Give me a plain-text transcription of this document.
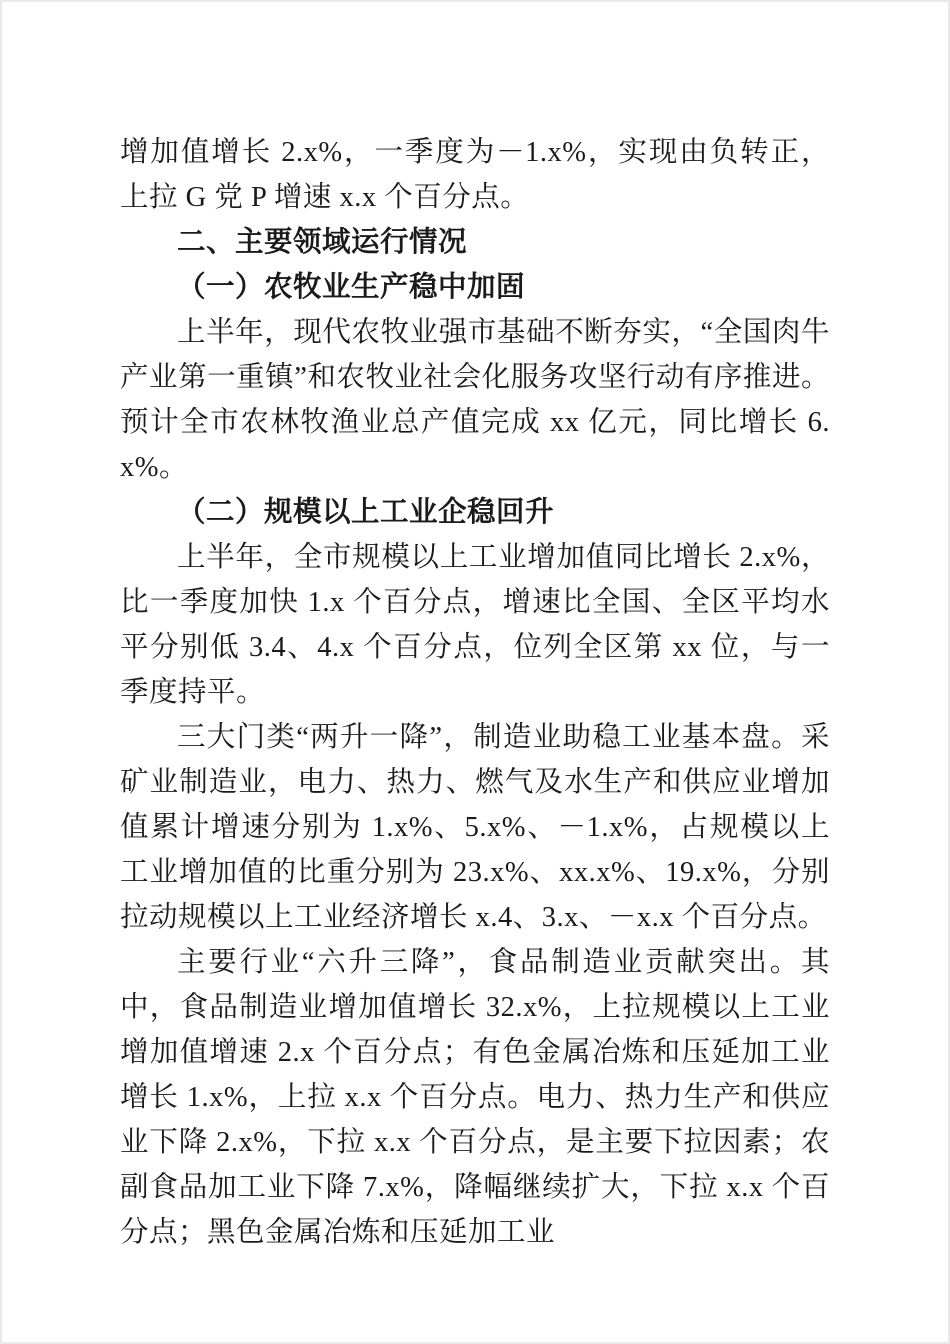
增加值增长 2.x%，一季度为－1.x%，实现由负转正，上拉 G 党 P 增速 x.x 个百分点。

二、主要领域运行情况

（一）农牧业生产稳中加固

上半年，现代农牧业强市基础不断夯实，“全国肉牛产业第一重镇”和农牧业社会化服务攻坚行动有序推进。预计全市农林牧渔业总产值完成 xx 亿元，同比增长 6.x%。

（二）规模以上工业企稳回升

上半年，全市规模以上工业增加值同比增长 2.x%，比一季度加快 1.x 个百分点，增速比全国、全区平均水平分别低 3.4、4.x 个百分点，位列全区第 xx 位，与一季度持平。

三大门类“两升一降”，制造业助稳工业基本盘。采矿业制造业，电力、热力、燃气及水生产和供应业增加值累计增速分别为 1.x%、5.x%、－1.x%，占规模以上工业增加值的比重分别为 23.x%、xx.x%、19.x%，分别拉动规模以上工业经济增长 x.4、3.x、－x.x 个百分点。

主要行业“六升三降”，食品制造业贡献突出。其中，食品制造业增加值增长 32.x%，上拉规模以上工业增加值增速 2.x 个百分点；有色金属冶炼和压延加工业增长 1.x%，上拉 x.x 个百分点。电力、热力生产和供应业下降 2.x%，下拉 x.x 个百分点，是主要下拉因素；农副食品加工业下降 7.x%，降幅继续扩大，下拉 x.x 个百分点；黑色金属冶炼和压延加工业
